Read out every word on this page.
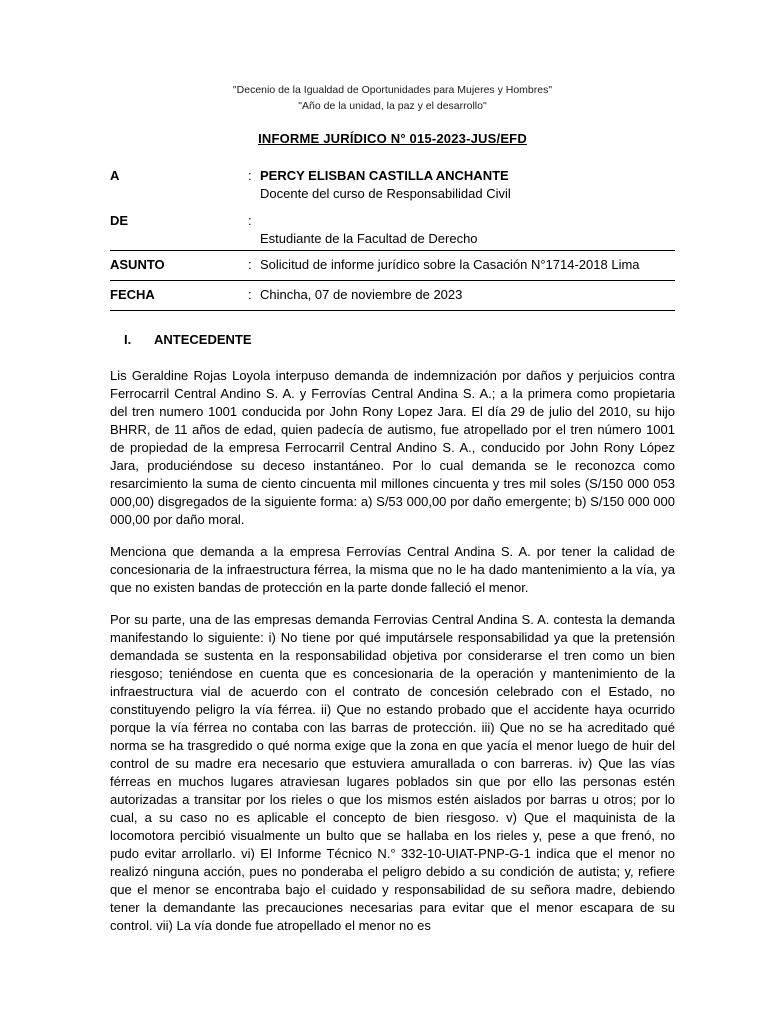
"Decenio de la Igualdad de Oportunidades para Mujeres y Hombres"
"Año de la unidad, la paz y el desarrollo"
INFORME JURÍDICO N° 015-2023-JUS/EFD
A	: PERCY ELISBAN CASTILLA ANCHANTE
Docente del curso de Responsabilidad Civil
DE	:
Estudiante de la Facultad de Derecho
ASUNTO	: Solicitud de informe jurídico sobre la Casación N°1714-2018 Lima
FECHA	: Chincha, 07 de noviembre de 2023
I.	ANTECEDENTE

Lis Geraldine Rojas Loyola interpuso demanda de indemnización por daños y perjuicios contra Ferrocarril Central Andino S. A. y Ferrovías Central Andina S. A.; a la primera como propietaria del tren numero 1001 conducida por John Rony Lopez Jara. El día 29 de julio del 2010, su hijo BHRR, de 11 años de edad, quien padecía de autismo, fue atropellado por el tren número 1001 de propiedad de la empresa Ferrocarril Central Andino S. A., conducido por John Rony López Jara, produciéndose su deceso instantáneo. Por lo cual demanda se le reconozca como resarcimiento la suma de ciento cincuenta mil millones cincuenta y tres mil soles (S/150 000 053 000,00) disgregados de la siguiente forma: a) S/53 000,00 por daño emergente; b) S/150 000 000 000,00 por daño moral.

Menciona que demanda a la empresa Ferrovías Central Andina S. A. por tener la calidad de concesionaria de la infraestructura férrea, la misma que no le ha dado mantenimiento a la vía, ya que no existen bandas de protección en la parte donde falleció el menor.

Por su parte, una de las empresas demanda Ferrovias Central Andina S. A. contesta la demanda manifestando lo siguiente: i) No tiene por qué imputársele responsabilidad ya que la pretensión demandada se sustenta en la responsabilidad objetiva por considerarse el tren como un bien riesgoso; teniéndose en cuenta que es concesionaria de la operación y mantenimiento de la infraestructura vial de acuerdo con el contrato de concesión celebrado con el Estado, no constituyendo peligro la vía férrea. ii) Que no estando probado que el accidente haya ocurrido porque la vía férrea no contaba con las barras de protección. iii) Que no se ha acreditado qué norma se ha trasgredido o qué norma exige que la zona en que yacía el menor luego de huir del control de su madre era necesario que estuviera amurallada o con barreras. iv) Que las vías férreas en muchos lugares atraviesan lugares poblados sin que por ello las personas estén autorizadas a transitar por los rieles o que los mismos estén aislados por barras u otros; por lo cual, a su caso no es aplicable el concepto de bien riesgoso. v) Que el maquinista de la locomotora percibió visualmente un bulto que se hallaba en los rieles y, pese a que frenó, no pudo evitar arrollarlo. vi) El Informe Técnico N.° 332-10-UIAT-PNP-G-1 indica que el menor no realizó ninguna acción, pues no ponderaba el peligro debido a su condición de autista; y, refiere que el menor se encontraba bajo el cuidado y responsabilidad de su señora madre, debiendo tener la demandante las precauciones necesarias para evitar que el menor escapara de su control. vii) La vía donde fue atropellado el menor no es
